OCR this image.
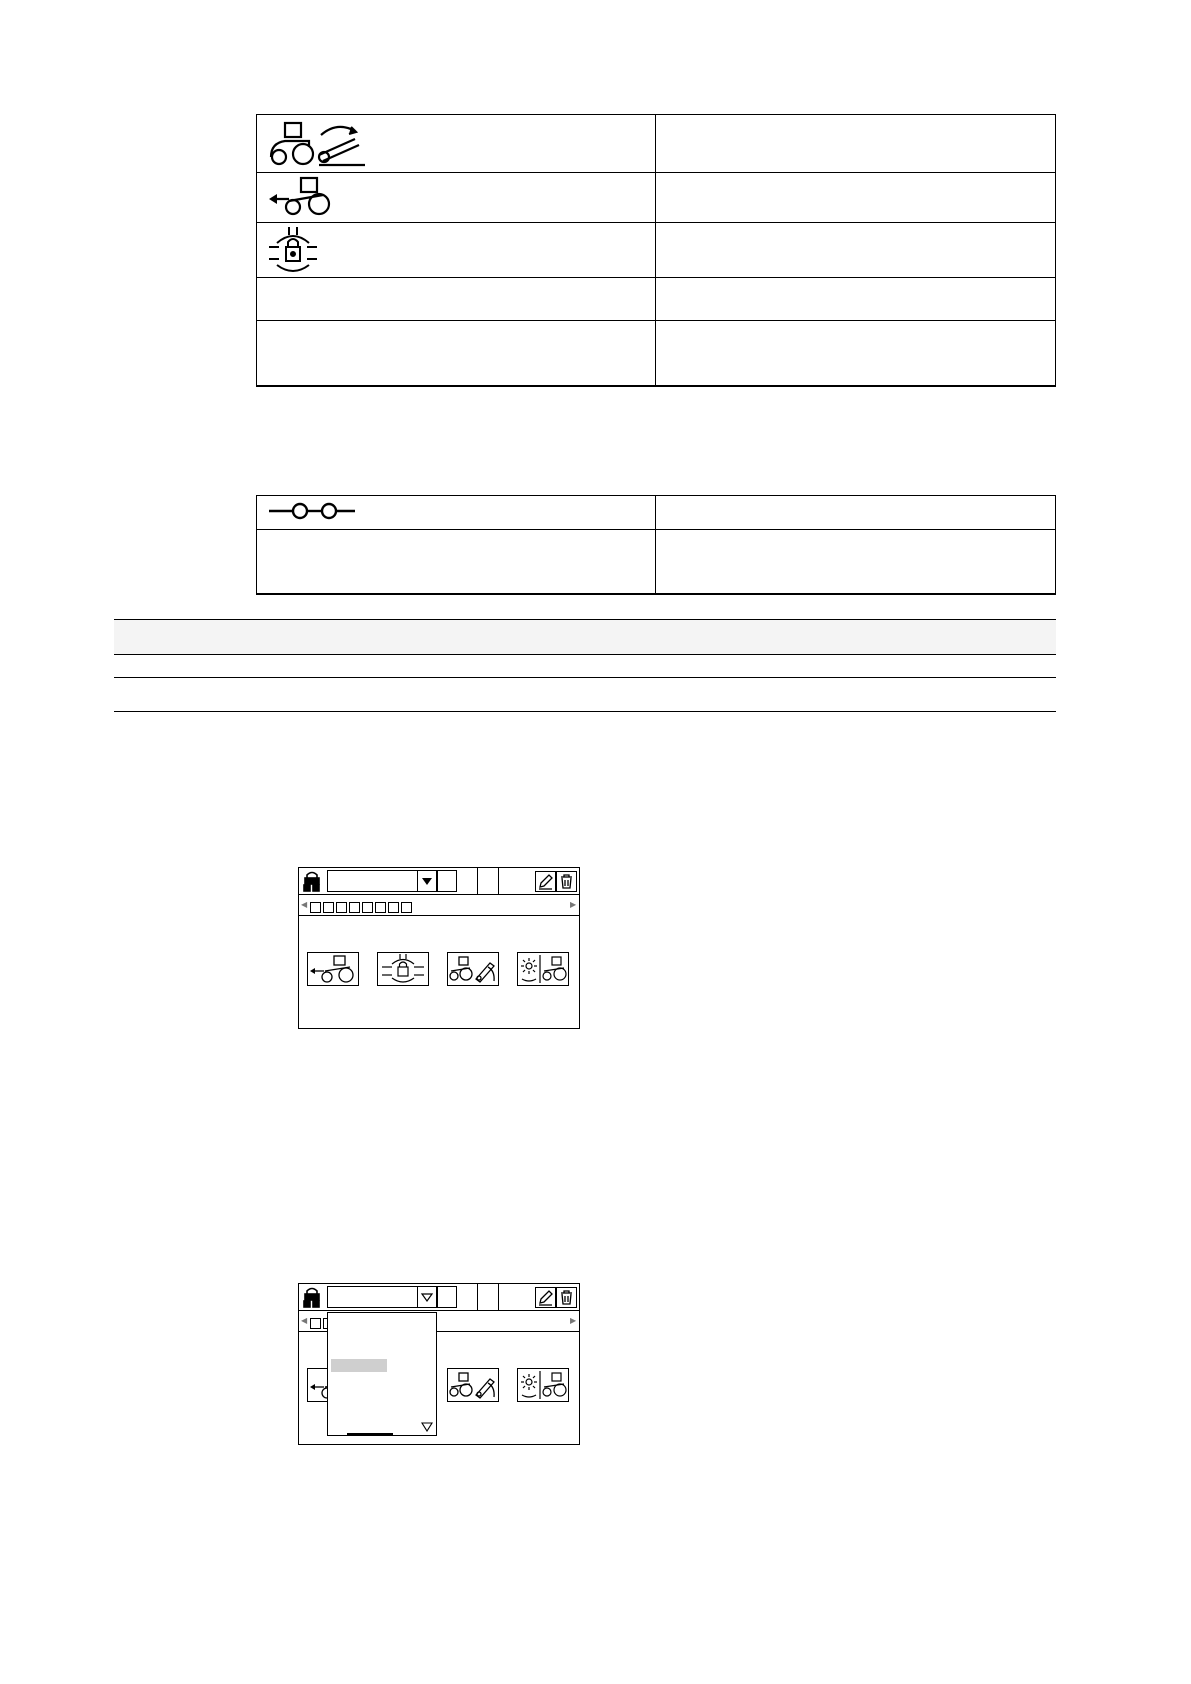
◀	▶
◀	▶
